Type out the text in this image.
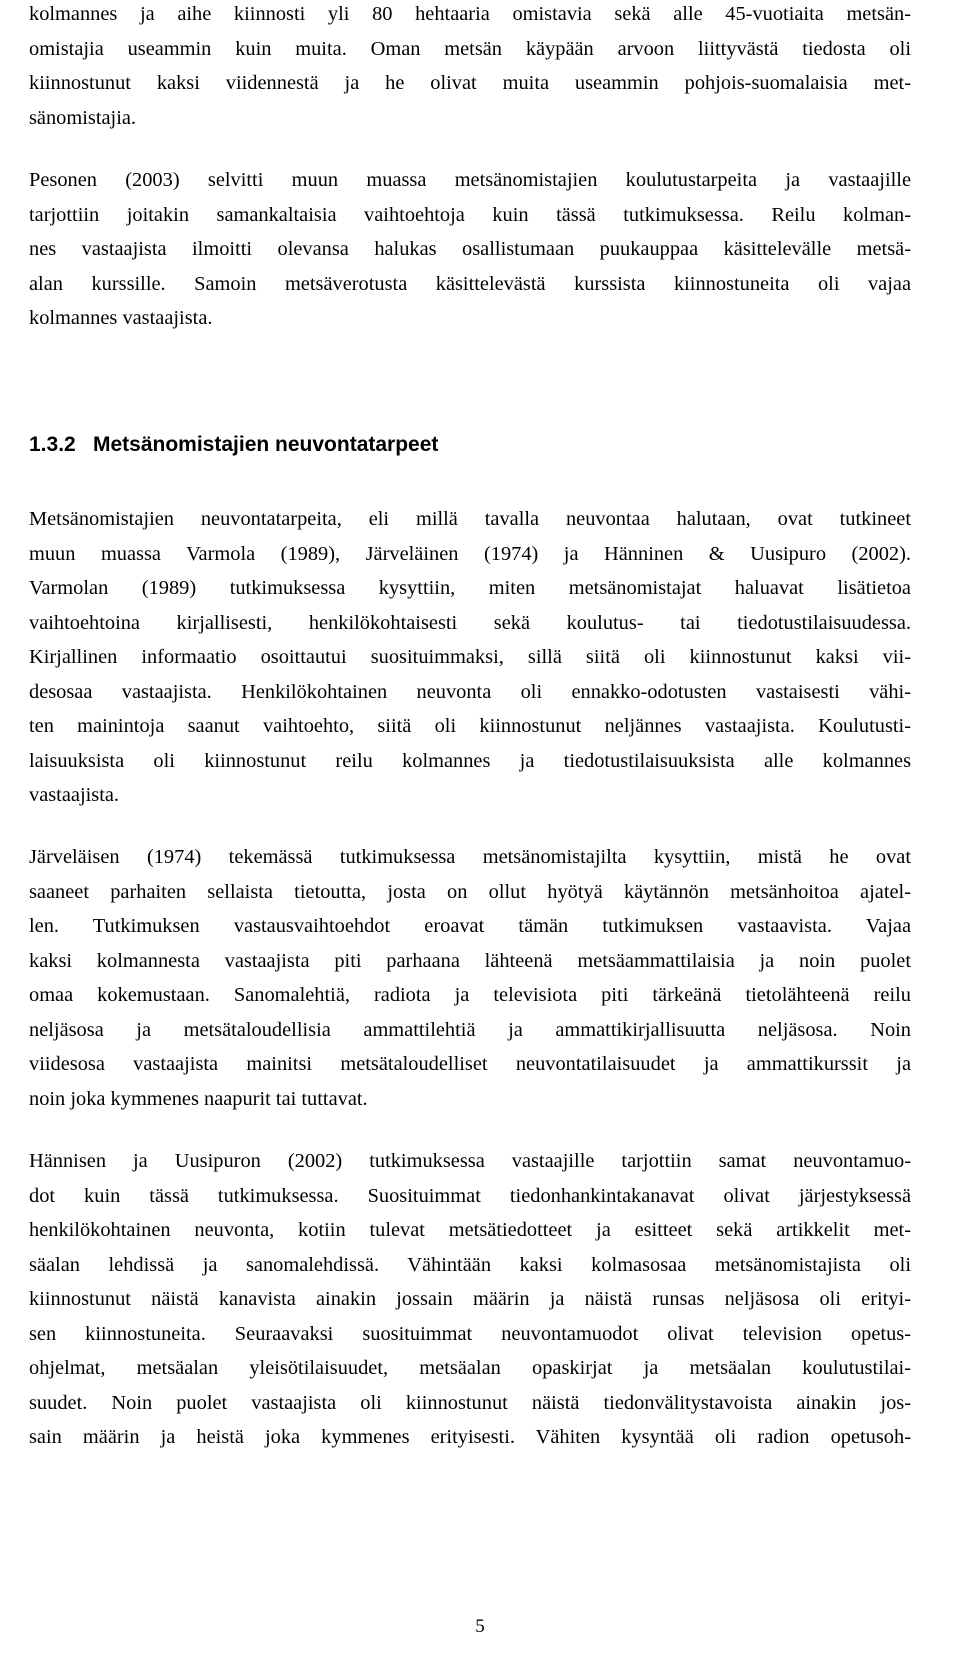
kolmannes ja aihe kiinnosti yli 80 hehtaaria omistavia sekä alle 45-vuotiaita metsän-
omistajia useammin kuin muita. Oman metsän käypään arvoon liittyvästä tiedosta oli
kiinnostunut kaksi viidennestä ja he olivat muita useammin pohjois-suomalaisia met-
sänomistajia.
Pesonen (2003) selvitti muun muassa metsänomistajien koulutustarpeita ja vastaajille
tarjottiin joitakin samankaltaisia vaihtoehtoja kuin tässä tutkimuksessa. Reilu kolman-
nes vastaajista ilmoitti olevansa halukas osallistumaan puukauppaa käsittelevälle metsä-
alan kurssille. Samoin metsäverotusta käsittelevästä kurssista kiinnostuneita oli vajaa
kolmannes vastaajista.
1.3.2 Metsänomistajien neuvontatarpeet
Metsänomistajien neuvontatarpeita, eli millä tavalla neuvontaa halutaan, ovat tutkineet
muun muassa Varmola (1989), Järveläinen (1974) ja Hänninen & Uusipuro (2002).
Varmolan (1989) tutkimuksessa kysyttiin, miten metsänomistajat haluavat lisätietoa
vaihtoehtoina kirjallisesti, henkilökohtaisesti sekä koulutus- tai tiedotustilaisuudessa.
Kirjallinen informaatio osoittautui suosituimmaksi, sillä siitä oli kiinnostunut kaksi vii-
desosaa vastaajista. Henkilökohtainen neuvonta oli ennakko-odotusten vastaisesti vähi-
ten mainintoja saanut vaihtoehto, siitä oli kiinnostunut neljännes vastaajista. Koulutusti-
laisuuksista oli kiinnostunut reilu kolmannes ja tiedotustilaisuuksista alle kolmannes
vastaajista.
Järveläisen (1974) tekemässä tutkimuksessa metsänomistajilta kysyttiin, mistä he ovat
saaneet parhaiten sellaista tietoutta, josta on ollut hyötyä käytännön metsänhoitoa ajatel-
len. Tutkimuksen vastausvaihtoehdot eroavat tämän tutkimuksen vastaavista. Vajaa
kaksi kolmannesta vastaajista piti parhaana lähteenä metsäammattilaisia ja noin puolet
omaa kokemustaan. Sanomalehtiä, radiota ja televisiota piti tärkeänä tietolähteenä reilu
neljäsosa ja metsätaloudellisia ammattilehtiä ja ammattikirjallisuutta neljäsosa. Noin
viidesosa vastaajista mainitsi metsätaloudelliset neuvontatilaisuudet ja ammattikurssit ja
noin joka kymmenes naapurit tai tuttavat.
Hännisen ja Uusipuron (2002) tutkimuksessa vastaajille tarjottiin samat neuvontamuo-
dot kuin tässä tutkimuksessa. Suosituimmat tiedonhankintakanavat olivat järjestyksessä
henkilökohtainen neuvonta, kotiin tulevat metsätiedotteet ja esitteet sekä artikkelit met-
säalan lehdissä ja sanomalehdissä. Vähintään kaksi kolmasosaa metsänomistajista oli
kiinnostunut näistä kanavista ainakin jossain määrin ja näistä runsas neljäsosa oli erityi-
sen kiinnostuneita. Seuraavaksi suosituimmat neuvontamuodot olivat television opetus-
ohjelmat, metsäalan yleisötilaisuudet, metsäalan opaskirjat ja metsäalan koulutustilai-
suudet. Noin puolet vastaajista oli kiinnostunut näistä tiedonvälitystavoista ainakin jos-
sain määrin ja heistä joka kymmenes erityisesti. Vähiten kysyntää oli radion opetusoh-
5
